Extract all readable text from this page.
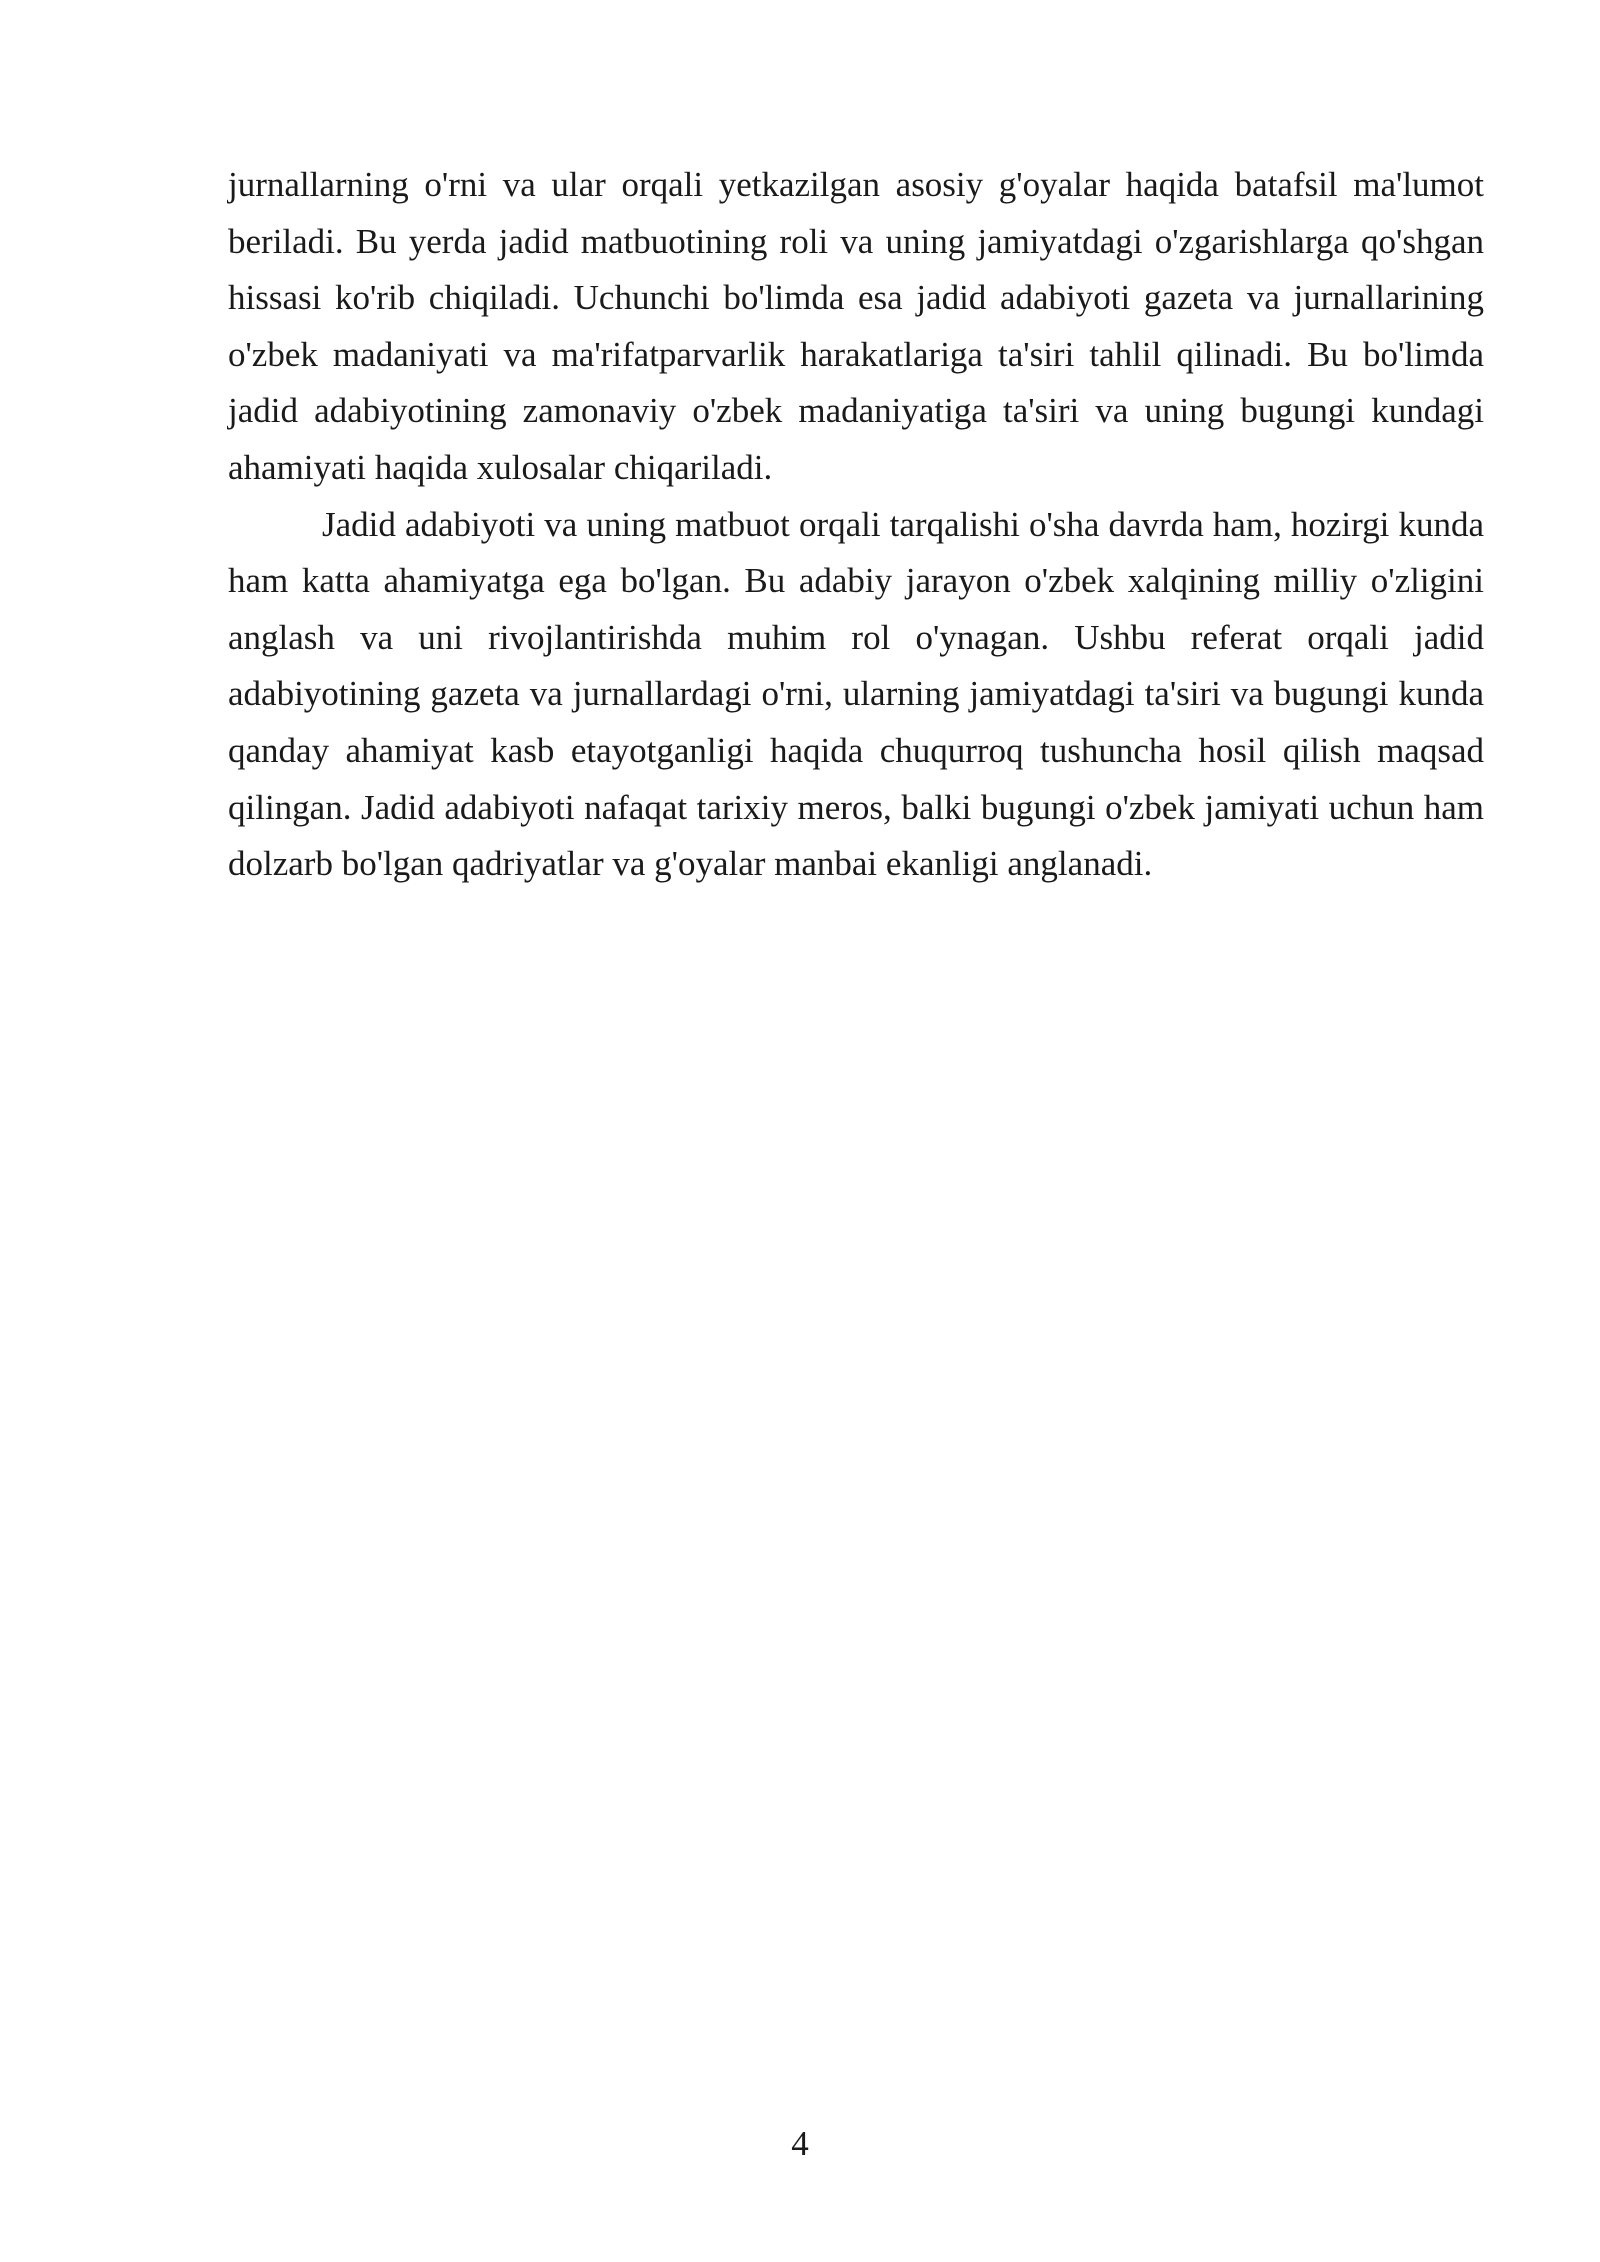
jurnallarning o'rni va ular orqali yetkazilgan asosiy g'oyalar haqida batafsil ma'lumot beriladi. Bu yerda jadid matbuotining roli va uning jamiyatdagi o'zgarishlarga qo'shgan hissasi ko'rib chiqiladi. Uchunchi bo'limda esa jadid adabiyoti gazeta va jurnallarining o'zbek madaniyati va ma'rifatparvarlik harakatlariga ta'siri tahlil qilinadi. Bu bo'limda jadid adabiyotining zamonaviy o'zbek madaniyatiga ta'siri va uning bugungi kundagi ahamiyati haqida xulosalar chiqariladi.

Jadid adabiyoti va uning matbuot orqali tarqalishi o'sha davrda ham, hozirgi kunda ham katta ahamiyatga ega bo'lgan. Bu adabiy jarayon o'zbek xalqining milliy o'zligini anglash va uni rivojlantirishda muhim rol o'ynagan. Ushbu referat orqali jadid adabiyotining gazeta va jurnallardagi o'rni, ularning jamiyatdagi ta'siri va bugungi kunda qanday ahamiyat kasb etayotganligi haqida chuqurroq tushuncha hosil qilish maqsad qilingan. Jadid adabiyoti nafaqat tarixiy meros, balki bugungi o'zbek jamiyati uchun ham dolzarb bo'lgan qadriyatlar va g'oyalar manbai ekanligi anglanadi.

4
